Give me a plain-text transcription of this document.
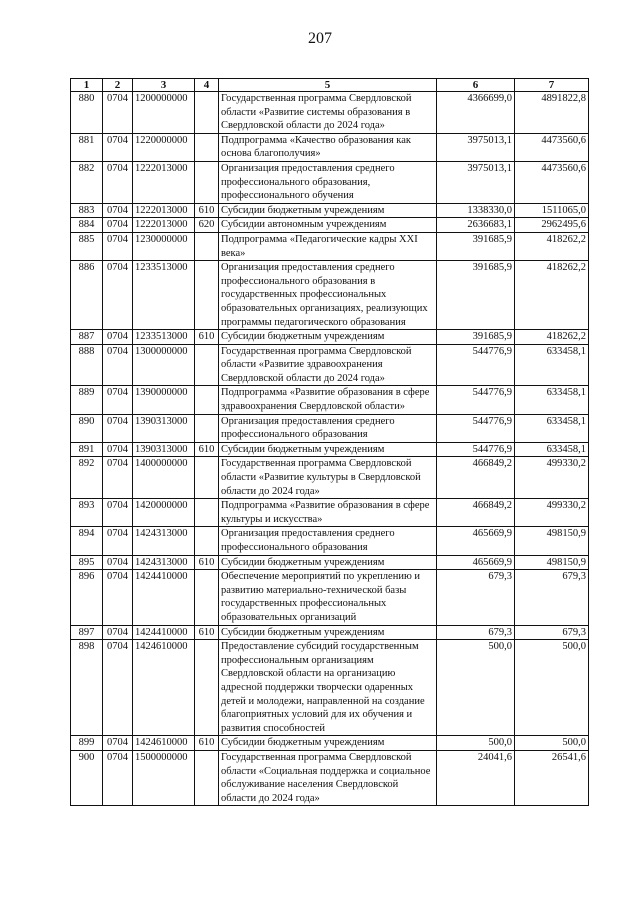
207
1	2	3	4	5	6	7
880	0704	1200000000		Государственная программа Свердловской области «Развитие системы образования в Свердловской области до 2024 года»	4366699,0	4891822,8
881	0704	1220000000		Подпрограмма «Качество образования как основа благополучия»	3975013,1	4473560,6
882	0704	1222013000		Организация предоставления среднего профессионального образования, профессионального обучения	3975013,1	4473560,6
883	0704	1222013000	610	Субсидии бюджетным учреждениям	1338330,0	1511065,0
884	0704	1222013000	620	Субсидии автономным учреждениям	2636683,1	2962495,6
885	0704	1230000000		Подпрограмма «Педагогические кадры XXI века»	391685,9	418262,2
886	0704	1233513000		Организация предоставления среднего профессионального образования в государственных профессиональных образовательных организациях, реализующих программы педагогического образования	391685,9	418262,2
887	0704	1233513000	610	Субсидии бюджетным учреждениям	391685,9	418262,2
888	0704	1300000000		Государственная программа Свердловской области «Развитие здравоохранения Свердловской области до 2024 года»	544776,9	633458,1
889	0704	1390000000		Подпрограмма «Развитие образования в сфере здравоохранения Свердловской области»	544776,9	633458,1
890	0704	1390313000		Организация предоставления среднего профессионального образования	544776,9	633458,1
891	0704	1390313000	610	Субсидии бюджетным учреждениям	544776,9	633458,1
892	0704	1400000000		Государственная программа Свердловской области «Развитие культуры в Свердловской области до 2024 года»	466849,2	499330,2
893	0704	1420000000		Подпрограмма «Развитие образования в сфере культуры и искусства»	466849,2	499330,2
894	0704	1424313000		Организация предоставления среднего профессионального образования	465669,9	498150,9
895	0704	1424313000	610	Субсидии бюджетным учреждениям	465669,9	498150,9
896	0704	1424410000		Обеспечение мероприятий по укреплению и развитию материально-технической базы государственных профессиональных образовательных организаций	679,3	679,3
897	0704	1424410000	610	Субсидии бюджетным учреждениям	679,3	679,3
898	0704	1424610000		Предоставление субсидий государственным профессиональным организациям Свердловской области на организацию адресной поддержки творчески одаренных детей и молодежи, направленной на создание благоприятных условий для их обучения и развития способностей	500,0	500,0
899	0704	1424610000	610	Субсидии бюджетным учреждениям	500,0	500,0
900	0704	1500000000		Государственная программа Свердловской области «Социальная поддержка и социальное обслуживание населения Свердловской области до 2024 года»	24041,6	26541,6
